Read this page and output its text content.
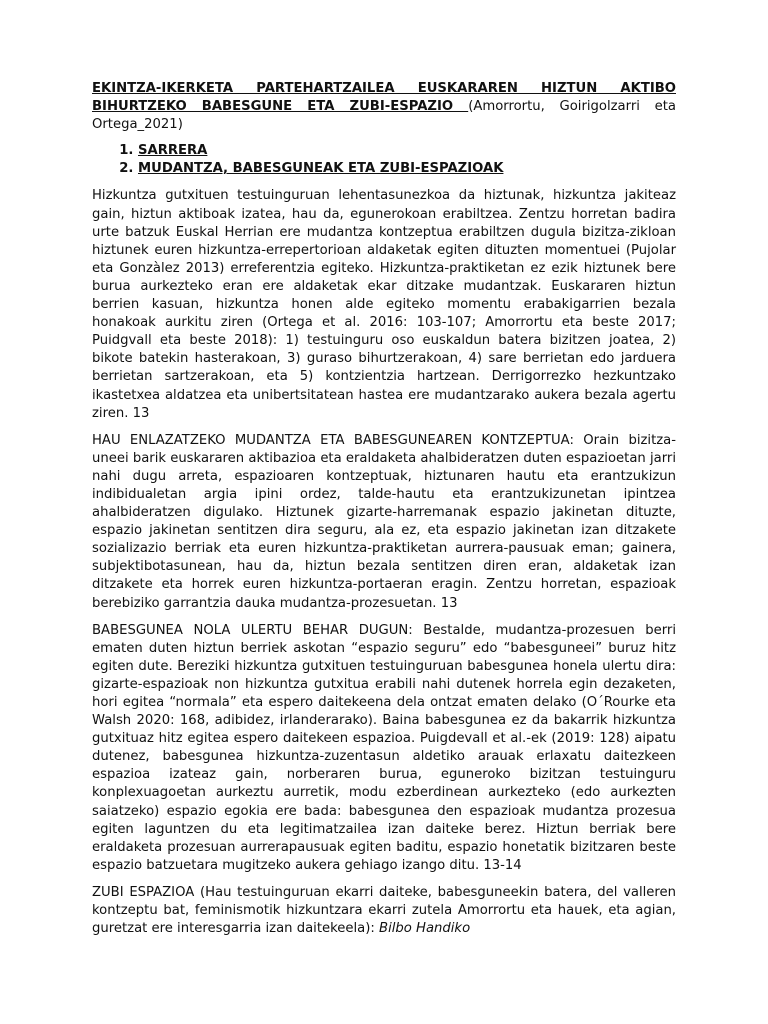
EKINTZA-IKERKETA PARTEHARTZAILEA EUSKARAREN HIZTUN AKTIBO BIHURTZEKO BABESGUNE ETA ZUBI-ESPAZIO (Amorrortu, Goirigolzarri eta Ortega_2021)
1. SARRERA
2. MUDANTZA, BABESGUNEAK ETA ZUBI-ESPAZIOAK

Hizkuntza gutxituen testuinguruan lehentasunezkoa da hiztunak, hizkuntza jakiteaz gain, hiztun aktiboak izatea, hau da, egunerokoan erabiltzea. Zentzu horretan badira urte batzuk Euskal Herrian ere mudantza kontzeptua erabiltzen dugula bizitza-zikloan hiztunek euren hizkuntza-errepertorioan aldaketak egiten dituzten momentuei (Pujolar eta Gonzàlez 2013) erreferentzia egiteko. Hizkuntza-praktiketan ez ezik hiztunek bere burua aurkezteko eran ere aldaketak ekar ditzake mudantzak. Euskararen hiztun berrien kasuan, hizkuntza honen alde egiteko momentu erabakigarrien bezala honakoak aurkitu ziren (Ortega et al. 2016: 103-107; Amorrortu eta beste 2017; Puidgvall eta beste 2018): 1) testuinguru oso euskaldun batera bizitzen joatea, 2) bikote batekin hasterakoan, 3) guraso bihurtzerakoan, 4) sare berrietan edo jarduera berrietan sartzerakoan, eta 5) kontzientzia hartzean. Derrigorrezko hezkuntzako ikastetxea aldatzea eta unibertsitatean hastea ere mudantzarako aukera bezala agertu ziren. 13

HAU ENLAZATZEKO MUDANTZA ETA BABESGUNEAREN KONTZEPTUA: Orain bizitza-uneei barik euskararen aktibazioa eta eraldaketa ahalbideratzen duten espazioetan jarri nahi dugu arreta, espazioaren kontzeptuak, hiztunaren hautu eta erantzukizun indibidualetan argia ipini ordez, talde-hautu eta erantzukizunetan ipintzea ahalbideratzen digulako. Hiztunek gizarte-harremanak espazio jakinetan dituzte, espazio jakinetan sentitzen dira seguru, ala ez, eta espazio jakinetan izan ditzakete sozializazio berriak eta euren hizkuntza-praktiketan aurrera-pausuak eman; gainera, subjektibotasunean, hau da, hiztun bezala sentitzen diren eran, aldaketak izan ditzakete eta horrek euren hizkuntza-portaeran eragin. Zentzu horretan, espazioak berebiziko garrantzia dauka mudantza-prozesuetan. 13

BABESGUNEA NOLA ULERTU BEHAR DUGUN: Bestalde, mudantza-prozesuen berri ematen duten hiztun berriek askotan “espazio seguru” edo “babesguneei” buruz hitz egiten dute. Bereziki hizkuntza gutxituen testuinguruan babesgunea honela ulertu dira: gizarte-espazioak non hizkuntza gutxitua erabili nahi dutenek horrela egin dezaketen, hori egitea “normala” eta espero daitekeena dela ontzat ematen delako (O´Rourke eta Walsh 2020: 168, adibidez, irlanderarako). Baina babesgunea ez da bakarrik hizkuntza gutxituaz hitz egitea espero daitekeen espazioa. Puigdevall et al.-ek (2019: 128) aipatu dutenez, babesgunea hizkuntza-zuzentasun aldetiko arauak erlaxatu daitezkeen espazioa izateaz gain, norberaren burua, eguneroko bizitzan testuinguru konplexuagoetan aurkeztu aurretik, modu ezberdinean aurkezteko (edo aurkezten saiatzeko) espazio egokia ere bada: babesgunea den espazioak mudantza prozesua egiten laguntzen du eta legitimatzailea izan daiteke berez. Hiztun berriak bere eraldaketa prozesuan aurrerapausuak egiten baditu, espazio honetatik bizitzaren beste espazio batzuetara mugitzeko aukera gehiago izango ditu. 13-14

ZUBI ESPAZIOA (Hau testuinguruan ekarri daiteke, babesguneekin batera, del valleren kontzeptu bat, feminismotik hizkuntzara ekarri zutela Amorrortu eta hauek, eta agian, guretzat ere interesgarria izan daitekeela): Bilbo Handiko
